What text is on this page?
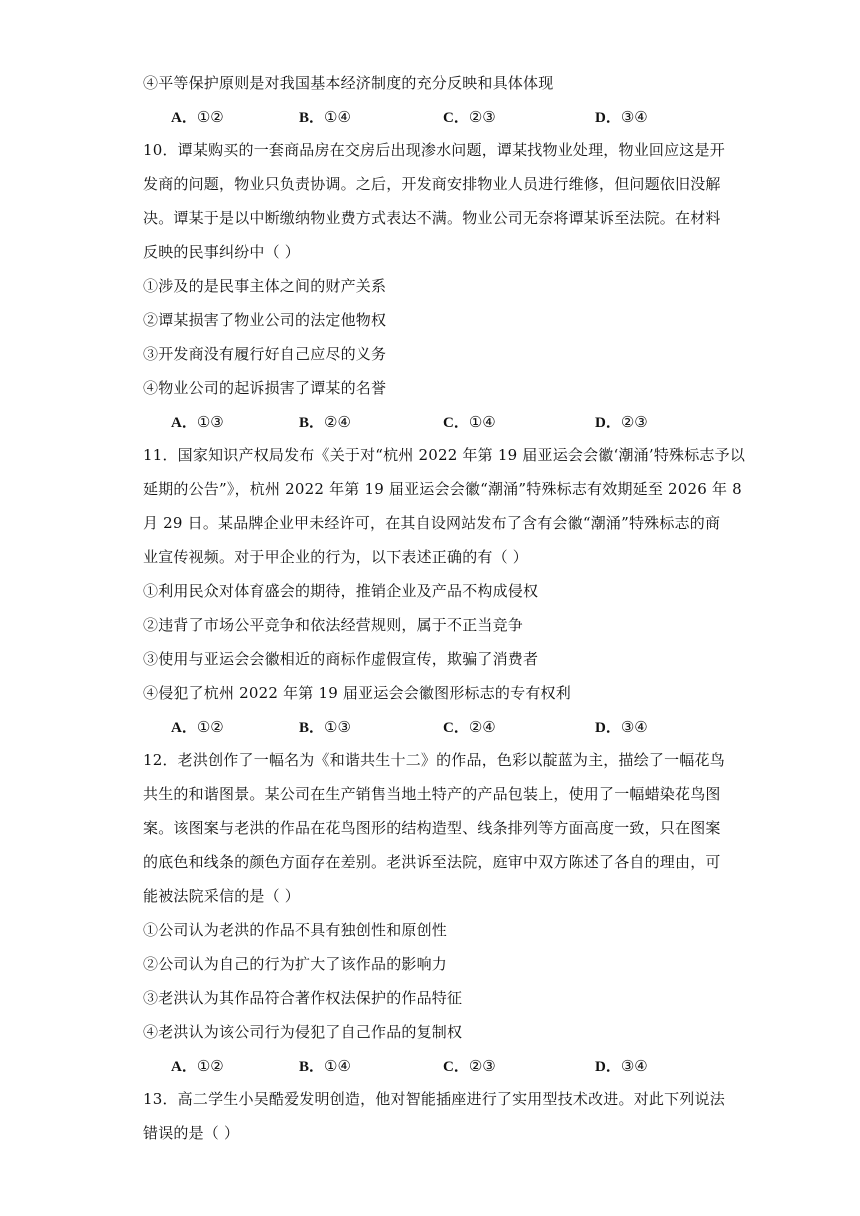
④平等保护原则是对我国基本经济制度的充分反映和具体体现
A．①②	B．①④	C．②③	D．③④
10．谭某购买的一套商品房在交房后出现渗水问题，谭某找物业处理，物业回应这是开
发商的问题，物业只负责协调。之后，开发商安排物业人员进行维修，但问题依旧没解
决。谭某于是以中断缴纳物业费方式表达不满。物业公司无奈将谭某诉至法院。在材料
反映的民事纠纷中（ ）
①涉及的是民事主体之间的财产关系
②谭某损害了物业公司的法定他物权
③开发商没有履行好自己应尽的义务
④物业公司的起诉损害了谭某的名誉
A．①③	B．②④	C．①④	D．②③
11．国家知识产权局发布《关于对“杭州 2022 年第 19 届亚运会会徽‘潮涌’特殊标志予以
延期的公告”》，杭州 2022 年第 19 届亚运会会徽“潮涌”特殊标志有效期延至 2026 年 8
月 29 日。某品牌企业甲未经许可，在其自设网站发布了含有会徽“潮涌”特殊标志的商
业宣传视频。对于甲企业的行为，以下表述正确的有（ ）
①利用民众对体育盛会的期待，推销企业及产品不构成侵权
②违背了市场公平竞争和依法经营规则，属于不正当竞争
③使用与亚运会会徽相近的商标作虚假宣传，欺骗了消费者
④侵犯了杭州 2022 年第 19 届亚运会会徽图形标志的专有权利
A．①②	B．①③	C．②④	D．③④
12．老洪创作了一幅名为《和谐共生十二》的作品，色彩以靛蓝为主，描绘了一幅花鸟
共生的和谐图景。某公司在生产销售当地土特产的产品包装上，使用了一幅蜡染花鸟图
案。该图案与老洪的作品在花鸟图形的结构造型、线条排列等方面高度一致，只在图案
的底色和线条的颜色方面存在差别。老洪诉至法院，庭审中双方陈述了各自的理由，可
能被法院采信的是（ ）
①公司认为老洪的作品不具有独创性和原创性
②公司认为自己的行为扩大了该作品的影响力
③老洪认为其作品符合著作权法保护的作品特征
④老洪认为该公司行为侵犯了自己作品的复制权
A．①②	B．①④	C．②③	D．③④
13．高二学生小吴酷爱发明创造，他对智能插座进行了实用型技术改进。对此下列说法
错误的是（ ）
